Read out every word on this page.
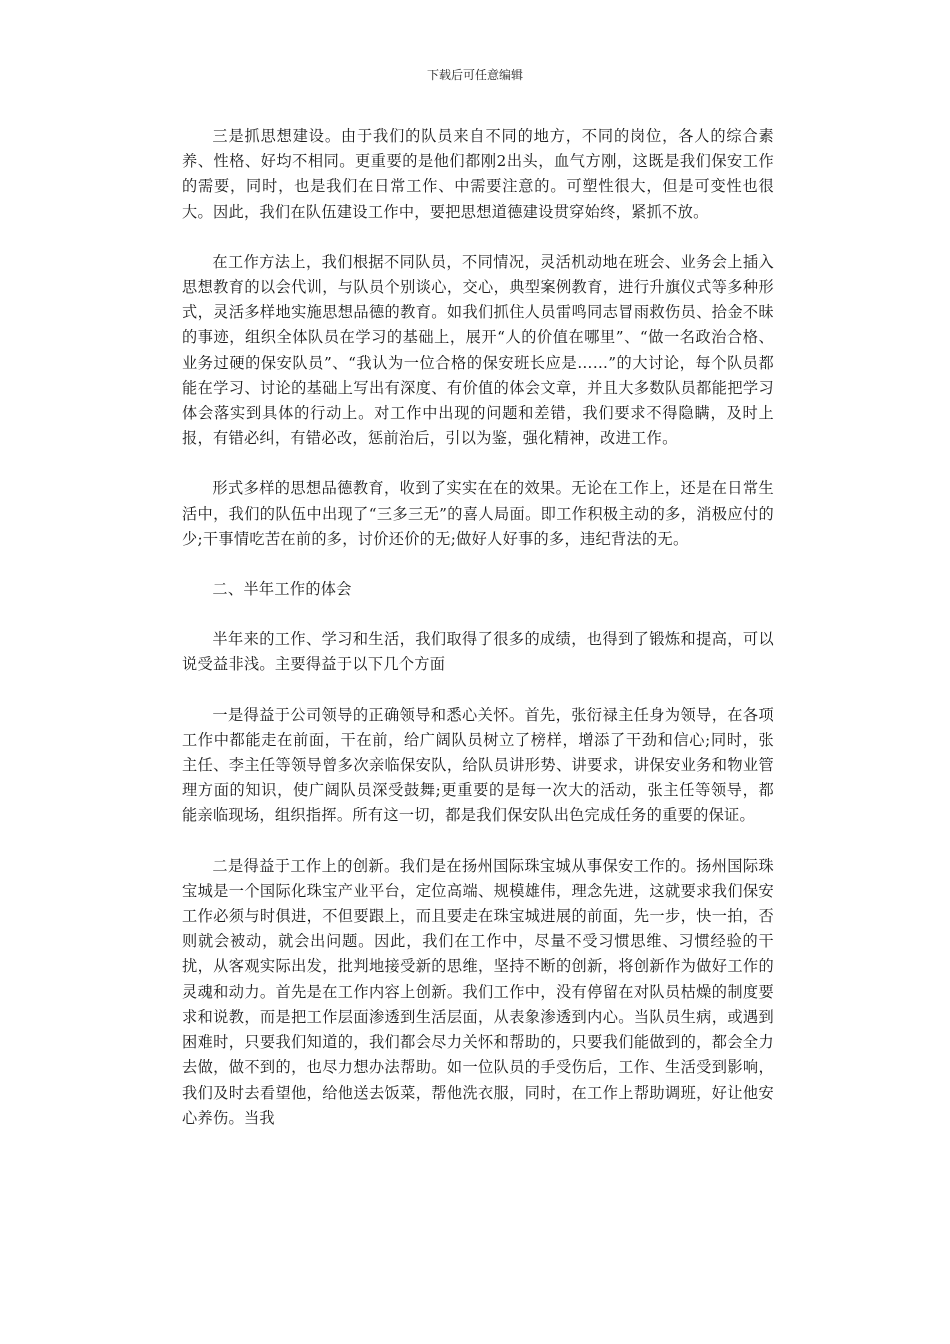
下载后可任意编辑

三是抓思想建设。由于我们的队员来自不同的地方，不同的岗位，各人的综合素养、性格、好均不相同。更重要的是他们都刚2出头，血气方刚，这既是我们保安工作的需要，同时，也是我们在日常工作、中需要注意的。可塑性很大，但是可变性也很大。因此，我们在队伍建设工作中，要把思想道德建设贯穿始终，紧抓不放。

在工作方法上，我们根据不同队员，不同情况，灵活机动地在班会、业务会上插入思想教育的以会代训，与队员个别谈心，交心，典型案例教育，进行升旗仪式等多种形式，灵活多样地实施思想品德的教育。如我们抓住人员雷鸣同志冒雨救伤员、拾金不昧的事迹，组织全体队员在学习的基础上，展开“人的价值在哪里”、“做一名政治合格、业务过硬的保安队员”、“我认为一位合格的保安班长应是……”的大讨论，每个队员都能在学习、讨论的基础上写出有深度、有价值的体会文章，并且大多数队员都能把学习体会落实到具体的行动上。对工作中出现的问题和差错，我们要求不得隐瞒，及时上报，有错必纠，有错必改，惩前治后，引以为鉴，强化精神，改进工作。

形式多样的思想品德教育，收到了实实在在的效果。无论在工作上，还是在日常生活中，我们的队伍中出现了“三多三无”的喜人局面。即工作积极主动的多，消极应付的少;干事情吃苦在前的多，讨价还价的无;做好人好事的多，违纪背法的无。

二、半年工作的体会

半年来的工作、学习和生活，我们取得了很多的成绩，也得到了锻炼和提高，可以说受益非浅。主要得益于以下几个方面

一是得益于公司领导的正确领导和悉心关怀。首先，张衍禄主任身为领导，在各项工作中都能走在前面，干在前，给广阔队员树立了榜样，增添了干劲和信心;同时，张主任、李主任等领导曾多次亲临保安队，给队员讲形势、讲要求，讲保安业务和物业管理方面的知识，使广阔队员深受鼓舞;更重要的是每一次大的活动，张主任等领导，都能亲临现场，组织指挥。所有这一切，都是我们保安队出色完成任务的重要的保证。

二是得益于工作上的创新。我们是在扬州国际珠宝城从事保安工作的。扬州国际珠宝城是一个国际化珠宝产业平台，定位高端、规模雄伟，理念先进，这就要求我们保安工作必须与时俱进，不但要跟上，而且要走在珠宝城进展的前面，先一步，快一拍，否则就会被动，就会出问题。因此，我们在工作中，尽量不受习惯思维、习惯经验的干扰，从客观实际出发，批判地接受新的思维，坚持不断的创新，将创新作为做好工作的灵魂和动力。首先是在工作内容上创新。我们工作中，没有停留在对队员枯燥的制度要求和说教，而是把工作层面渗透到生活层面，从表象渗透到内心。当队员生病，或遇到困难时，只要我们知道的，我们都会尽力关怀和帮助的，只要我们能做到的，都会全力去做，做不到的，也尽力想办法帮助。如一位队员的手受伤后，工作、生活受到影响，我们及时去看望他，给他送去饭菜，帮他洗衣服，同时，在工作上帮助调班，好让他安心养伤。当我
